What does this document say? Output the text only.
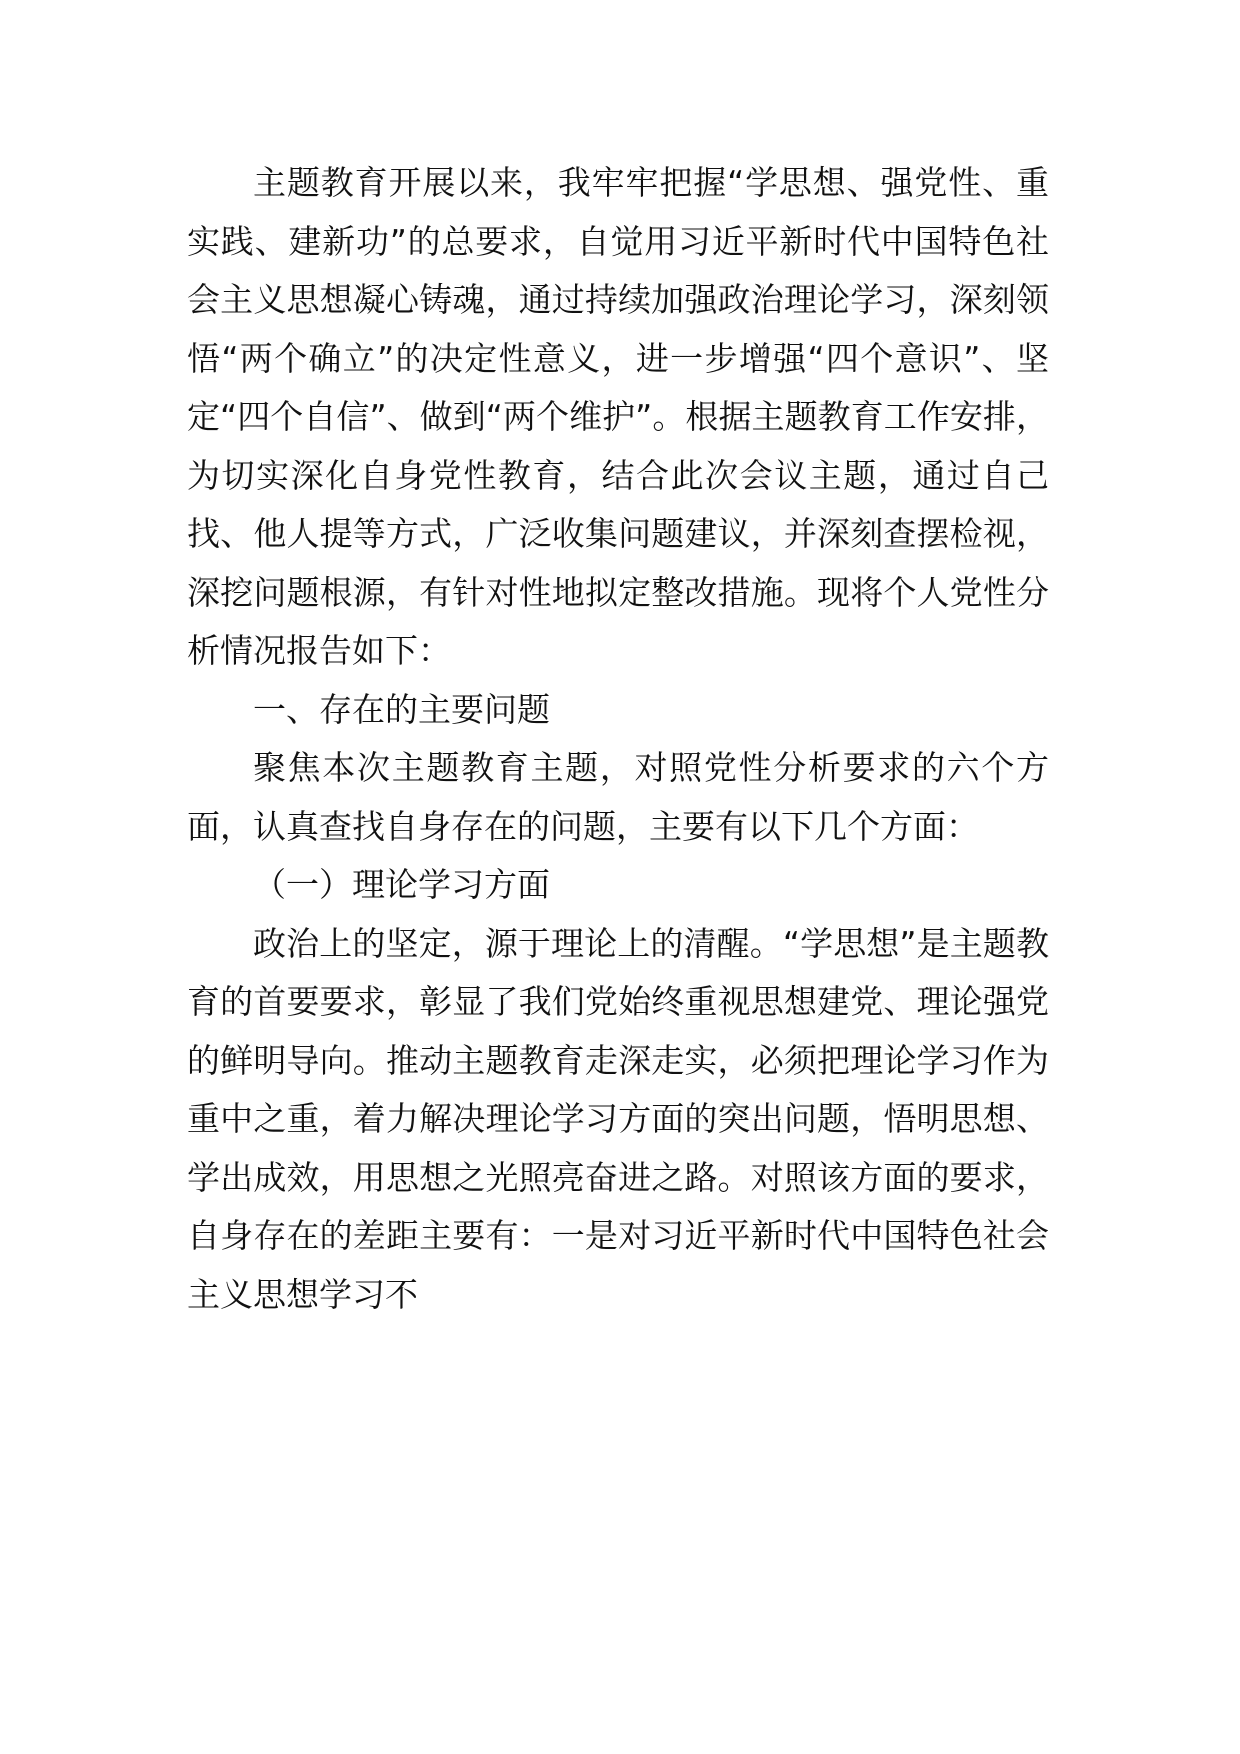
主题教育开展以来，我牢牢把握“学思想、强党性、重实践、建新功”的总要求，自觉用习近平新时代中国特色社会主义思想凝心铸魂，通过持续加强政治理论学习，深刻领悟“两个确立”的决定性意义，进一步增强“四个意识”、坚定“四个自信”、做到“两个维护”。根据主题教育工作安排，为切实深化自身党性教育，结合此次会议主题，通过自己找、他人提等方式，广泛收集问题建议，并深刻查摆检视，深挖问题根源，有针对性地拟定整改措施。现将个人党性分析情况报告如下：

一、存在的主要问题

聚焦本次主题教育主题，对照党性分析要求的六个方面，认真查找自身存在的问题，主要有以下几个方面：

（一）理论学习方面

政治上的坚定，源于理论上的清醒。“学思想”是主题教育的首要要求，彰显了我们党始终重视思想建党、理论强党的鲜明导向。推动主题教育走深走实，必须把理论学习作为重中之重，着力解决理论学习方面的突出问题，悟明思想、学出成效，用思想之光照亮奋进之路。对照该方面的要求，自身存在的差距主要有：一是对习近平新时代中国特色社会主义思想学习不
